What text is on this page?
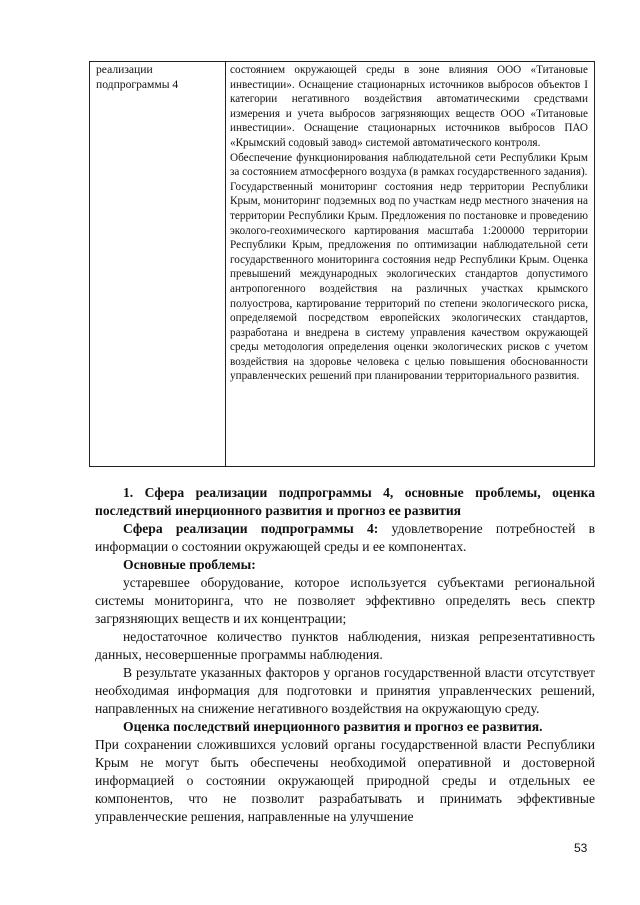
реализации подпрограммы 4

состоянием окружающей среды в зоне влияния ООО «Титановые инвестиции». Оснащение стационарных источников выбросов объектов I категории негативного воздействия автоматическими средствами измерения и учета выбросов загрязняющих веществ ООО «Титановые инвестиции». Оснащение стационарных источников выбросов ПАО «Крымский содовый завод» системой автоматического контроля.

Обеспечение функционирования наблюдательной сети Республики Крым за состоянием атмосферного воздуха (в рамках государственного задания).

Государственный мониторинг состояния недр территории Республики Крым, мониторинг подземных вод по участкам недр местного значения на территории Республики Крым. Предложения по постановке и проведению эколого-геохимического картирования масштаба 1:200000 территории Республики Крым, предложения по оптимизации наблюдательной сети государственного мониторинга состояния недр Республики Крым. Оценка превышений международных экологических стандартов допустимого антропогенного воздействия на различных участках крымского полуострова, картирование территорий по степени экологического риска, определяемой посредством европейских экологических стандартов, разработана и внедрена в систему управления качеством окружающей среды методология определения оценки экологических рисков с учетом воздействия на здоровье человека с целью повышения обоснованности управленческих решений при планировании территориального развития.

1. Сфера реализации подпрограммы 4, основные проблемы, оценка последствий инерционного развития и прогноз ее развития

Сфера реализации подпрограммы 4: удовлетворение потребностей в информации о состоянии окружающей среды и ее компонентах.

Основные проблемы:

устаревшее оборудование, которое используется субъектами региональной системы мониторинга, что не позволяет эффективно определять весь спектр загрязняющих веществ и их концентрации;

недостаточное количество пунктов наблюдения, низкая репрезентативность данных, несовершенные программы наблюдения.

В результате указанных факторов у органов государственной власти отсутствует необходимая информация для подготовки и принятия управленческих решений, направленных на снижение негативного воздействия на окружающую среду.

Оценка последствий инерционного развития и прогноз ее развития.

При сохранении сложившихся условий органы государственной власти Республики Крым не могут быть обеспечены необходимой оперативной и достоверной информацией о состоянии окружающей природной среды и отдельных ее компонентов, что не позволит разрабатывать и принимать эффективные управленческие решения, направленные на улучшение

53
